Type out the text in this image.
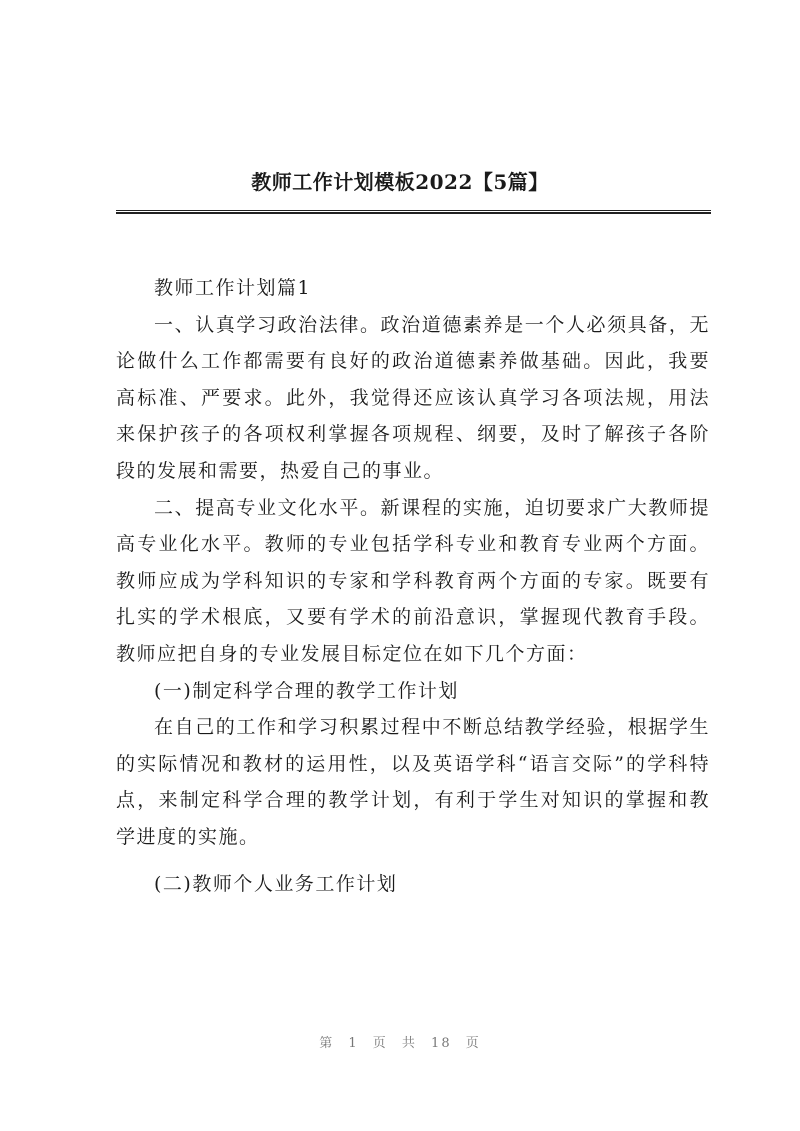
教师工作计划模板2022【5篇】

教师工作计划篇1

一、认真学习政治法律。政治道德素养是一个人必须具备，无论做什么工作都需要有良好的政治道德素养做基础。因此，我要高标准、严要求。此外，我觉得还应该认真学习各项法规，用法来保护孩子的各项权利掌握各项规程、纲要，及时了解孩子各阶段的发展和需要，热爱自己的事业。

二、提高专业文化水平。新课程的实施，迫切要求广大教师提高专业化水平。教师的专业包括学科专业和教育专业两个方面。教师应成为学科知识的专家和学科教育两个方面的专家。既要有扎实的学术根底，又要有学术的前沿意识，掌握现代教育手段。教师应把自身的专业发展目标定位在如下几个方面：

(一)制定科学合理的教学工作计划

在自己的工作和学习积累过程中不断总结教学经验，根据学生的实际情况和教材的运用性，以及英语学科“语言交际”的学科特点，来制定科学合理的教学计划，有利于学生对知识的掌握和教学进度的实施。

(二)教师个人业务工作计划

第 1 页 共 18 页
